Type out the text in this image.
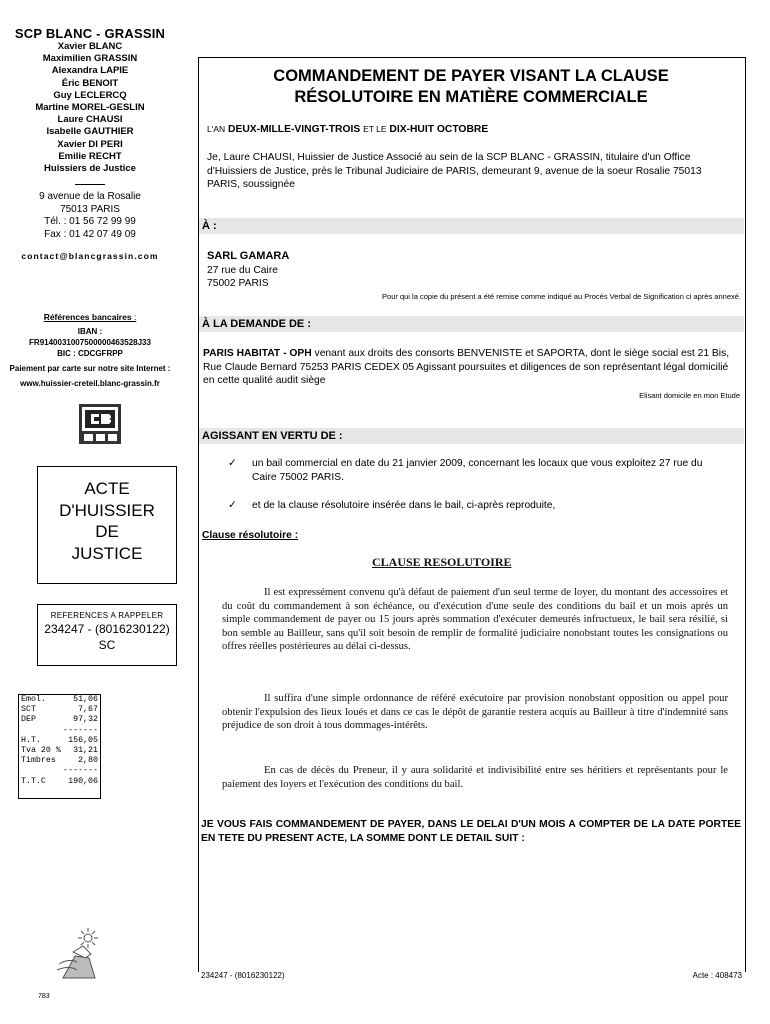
SCP BLANC - GRASSIN
Xavier BLANC
Maximilien GRASSIN
Alexandra LAPIE
Éric BENOIT
Guy LECLERCQ
Martine MOREL-GESLIN
Laure CHAUSI
Isabelle GAUTHIER
Xavier DI PERI
Emilie RECHT
Huissiers de Justice
9 avenue de la Rosalie
75013 PARIS
Tél. : 01 56 72 99 99
Fax : 01 42 07 49 09
contact@blancgrassin.com
Références bancaires :
IBAN :
FR9140031007500000463528J33
BIC : CDCGFRPP
Paiement par carte sur notre site Internet :
www.huissier-creteil.blanc-grassin.fr
ACTE
D'HUISSIER
DE
JUSTICE
REFERENCES A RAPPELER
234247 - (8016230122)
SC
Emol.	51,06
SCT	7,67
DEP	97,32
-------
H.T.	156,05
Tva 20 % 31,21
Timbres	2,80
-------
T.T.C	190,06
783
COMMANDEMENT DE PAYER VISANT LA CLAUSE
RÉSOLUTOIRE EN MATIÈRE COMMERCIALE
L'AN DEUX-MILLE-VINGT-TROIS ET LE DIX-HUIT OCTOBRE
Je, Laure CHAUSI, Huissier de Justice Associé au sein de la SCP BLANC - GRASSIN, titulaire d'un Office d'Huissiers de Justice, près le Tribunal Judiciaire de PARIS, demeurant 9, avenue de la soeur Rosalie 75013 PARIS, soussignée
À :
SARL GAMARA
27 rue du Caire
75002 PARIS
Pour qui la copie du présent a été remise comme indiqué au Procès Verbal de Signification ci après annexé.
À LA DEMANDE DE :
PARIS HABITAT - OPH venant aux droits des consorts BENVENISTE et SAPORTA, dont le siège social est 21 Bis, Rue Claude Bernard 75253 PARIS CEDEX 05 Agissant poursuites et diligences de son représentant légal domicilié en cette qualité audit siège
Elisant domicile en mon Etude
AGISSANT EN VERTU DE :
✓ un bail commercial en date du 21 janvier 2009, concernant les locaux que vous exploitez 27 rue du Caire 75002 PARIS.
✓ et de la clause résolutoire insérée dans le bail, ci-après reproduite,
Clause résolutoire :
CLAUSE RESOLUTOIRE
Il est expressément convenu qu'à défaut de paiement d'un seul terme de loyer, du montant des accessoires et du coût du commandement à son échéance, ou d'exécution d'une seule des conditions du bail et un mois après un simple commandement de payer ou 15 jours après sommation d'exécuter demeurés infructueux, le bail sera résilié, si bon semble au Bailleur, sans qu'il soit besoin de remplir de formalité judiciaire nonobstant toutes les consignations ou offres réelles postérieures au délai ci-dessus.
Il suffira d'une simple ordonnance de référé exécutoire par provision nonobstant opposition ou appel pour obtenir l'expulsion des lieux loués et dans ce cas le dépôt de garantie restera acquis au Bailleur à titre d'indemnité sans préjudice de son droit à tous dommages-intérêts.
En cas de décès du Preneur, il y aura solidarité et indivisibilité entre ses héritiers et représentants pour le paiement des loyers et l'exécution des conditions du bail.
JE VOUS FAIS COMMANDEMENT DE PAYER, DANS LE DELAI D'UN MOIS A COMPTER DE LA DATE PORTEE EN TETE DU PRESENT ACTE, LA SOMME DONT LE DETAIL SUIT :
234247 - (8016230122)	Acte : 408473
